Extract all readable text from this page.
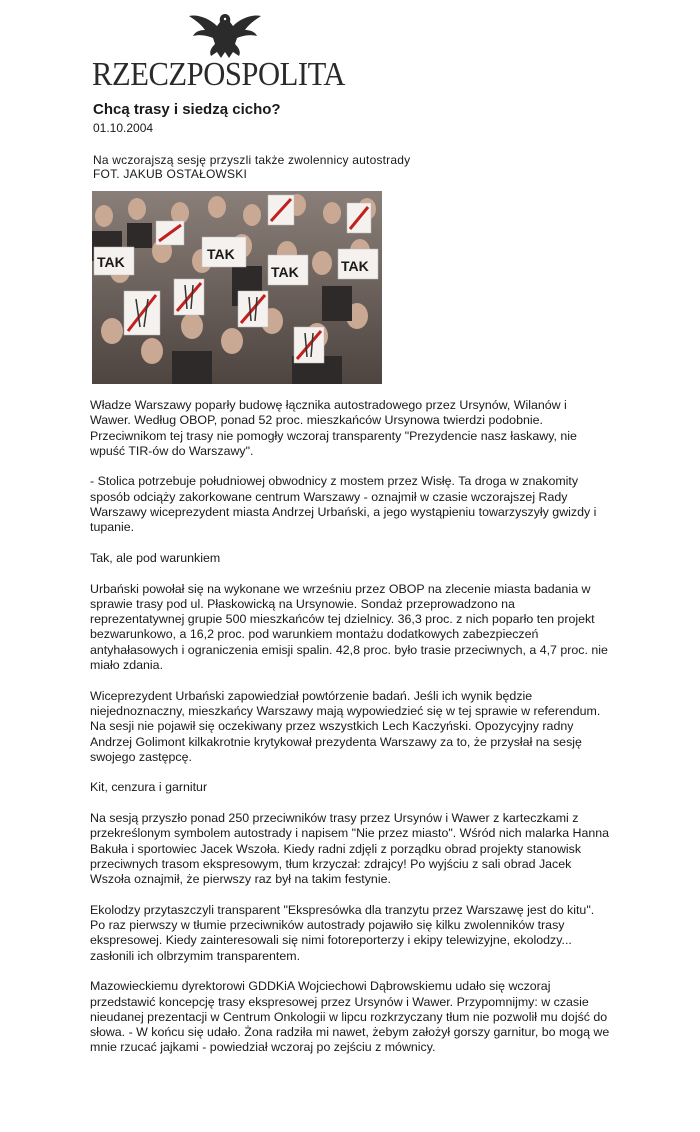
RZECZPOSPOLITA
Chcą trasy i siedzą cicho?
01.10.2004
Na wczorajszą sesję przyszli także zwolennicy autostrady
FOT. JAKUB OSTAŁOWSKI
TAK	TAK
TAK	TAK

Władze Warszawy poparły budowę łącznika autostradowego przez Ursynów, Wilanów i Wawer. Według OBOP, ponad 52 proc. mieszkańców Ursynowa twierdzi podobnie. Przeciwnikom tej trasy nie pomogły wczoraj transparenty "Prezydencie nasz łaskawy, nie wpuść TIR-ów do Warszawy".

- Stolica potrzebuje południowej obwodnicy z mostem przez Wisłę. Ta droga w znakomity sposób odciąży zakorkowane centrum Warszawy - oznajmił w czasie wczorajszej Rady Warszawy wiceprezydent miasta Andrzej Urbański, a jego wystąpieniu towarzyszyły gwizdy i tupanie.

Tak, ale pod warunkiem

Urbański powołał się na wykonane we wrześniu przez OBOP na zlecenie miasta badania w sprawie trasy pod ul. Płaskowicką na Ursynowie. Sondaż przeprowadzono na reprezentatywnej grupie 500 mieszkańców tej dzielnicy. 36,3 proc. z nich poparło ten projekt bezwarunkowo, a 16,2 proc. pod warunkiem montażu dodatkowych zabezpieczeń antyhałasowych i ograniczenia emisji spalin. 42,8 proc. było trasie przeciwnych, a 4,7 proc. nie miało zdania.

Wiceprezydent Urbański zapowiedział powtórzenie badań. Jeśli ich wynik będzie niejednoznaczny, mieszkańcy Warszawy mają wypowiedzieć się w tej sprawie w referendum. Na sesji nie pojawił się oczekiwany przez wszystkich Lech Kaczyński. Opozycyjny radny Andrzej Golimont kilkakrotnie krytykował prezydenta Warszawy za to, że przysłał na sesję swojego zastępcę.

Kit, cenzura i garnitur

Na sesją przyszło ponad 250 przeciwników trasy przez Ursynów i Wawer z karteczkami z przekreślonym symbolem autostrady i napisem "Nie przez miasto". Wśród nich malarka Hanna Bakuła i sportowiec Jacek Wszoła. Kiedy radni zdjęli z porządku obrad projekty stanowisk przeciwnych trasom ekspresowym, tłum krzyczał: zdrajcy! Po wyjściu z sali obrad Jacek Wszoła oznajmił, że pierwszy raz był na takim festynie.

Ekolodzy przytaszczyli transparent "Ekspresówka dla tranzytu przez Warszawę jest do kitu". Po raz pierwszy w tłumie przeciwników autostrady pojawiło się kilku zwolenników trasy ekspresowej. Kiedy zainteresowali się nimi fotoreporterzy i ekipy telewizyjne, ekolodzy... zasłonili ich olbrzymim transparentem.

Mazowieckiemu dyrektorowi GDDKiA Wojciechowi Dąbrowskiemu udało się wczoraj przedstawić koncepcję trasy ekspresowej przez Ursynów i Wawer. Przypomnijmy: w czasie nieudanej prezentacji w Centrum Onkologii w lipcu rozkrzyczany tłum nie pozwolił mu dojść do słowa. - W końcu się udało. Żona radziła mi nawet, żebym założył gorszy garnitur, bo mogą we mnie rzucać jajkami - powiedział wczoraj po zejściu z mównicy.
